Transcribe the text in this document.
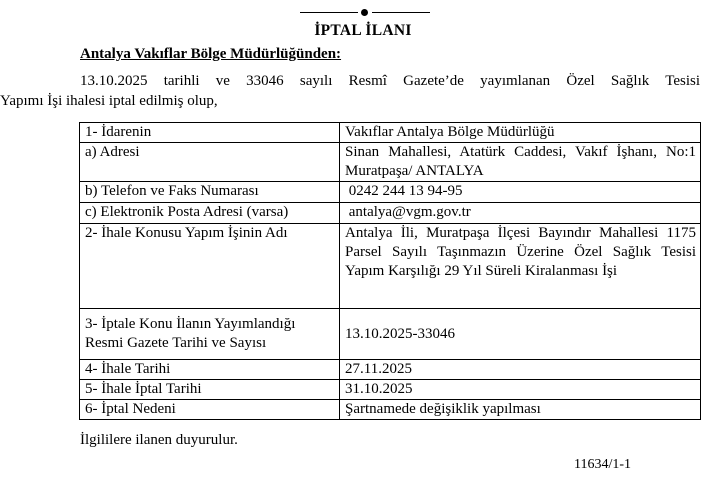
İPTAL İLANI
Antalya Vakıflar Bölge Müdürlüğünden:
13.10.2025 tarihli ve 33046 sayılı Resmî Gazete’de yayımlanan Özel Sağlık Tesisi
Yapımı İşi ihalesi iptal edilmiş olup,
1- İdarenin	Vakıflar Antalya Bölge Müdürlüğü
a) Adresi	Sinan Mahallesi, Atatürk Caddesi, Vakıf İşhanı, No:1 Muratpaşa/ ANTALYA
b) Telefon ve Faks Numarası	0242 244 13 94-95
c) Elektronik Posta Adresi (varsa)	antalya@vgm.gov.tr
2- İhale Konusu Yapım İşinin Adı	Antalya İli, Muratpaşa İlçesi Bayındır Mahallesi 1175 Parsel Sayılı Taşınmazın Üzerine Özel Sağlık Tesisi Yapım Karşılığı 29 Yıl Süreli Kiralanması İşi
3- İptale Konu İlanın Yayımlandığı Resmi Gazete Tarihi ve Sayısı	13.10.2025-33046
4- İhale Tarihi	27.11.2025
5- İhale İptal Tarihi	31.10.2025
6- İptal Nedeni	Şartnamede değişiklik yapılması
İlgililere ilanen duyurulur.
11634/1-1
